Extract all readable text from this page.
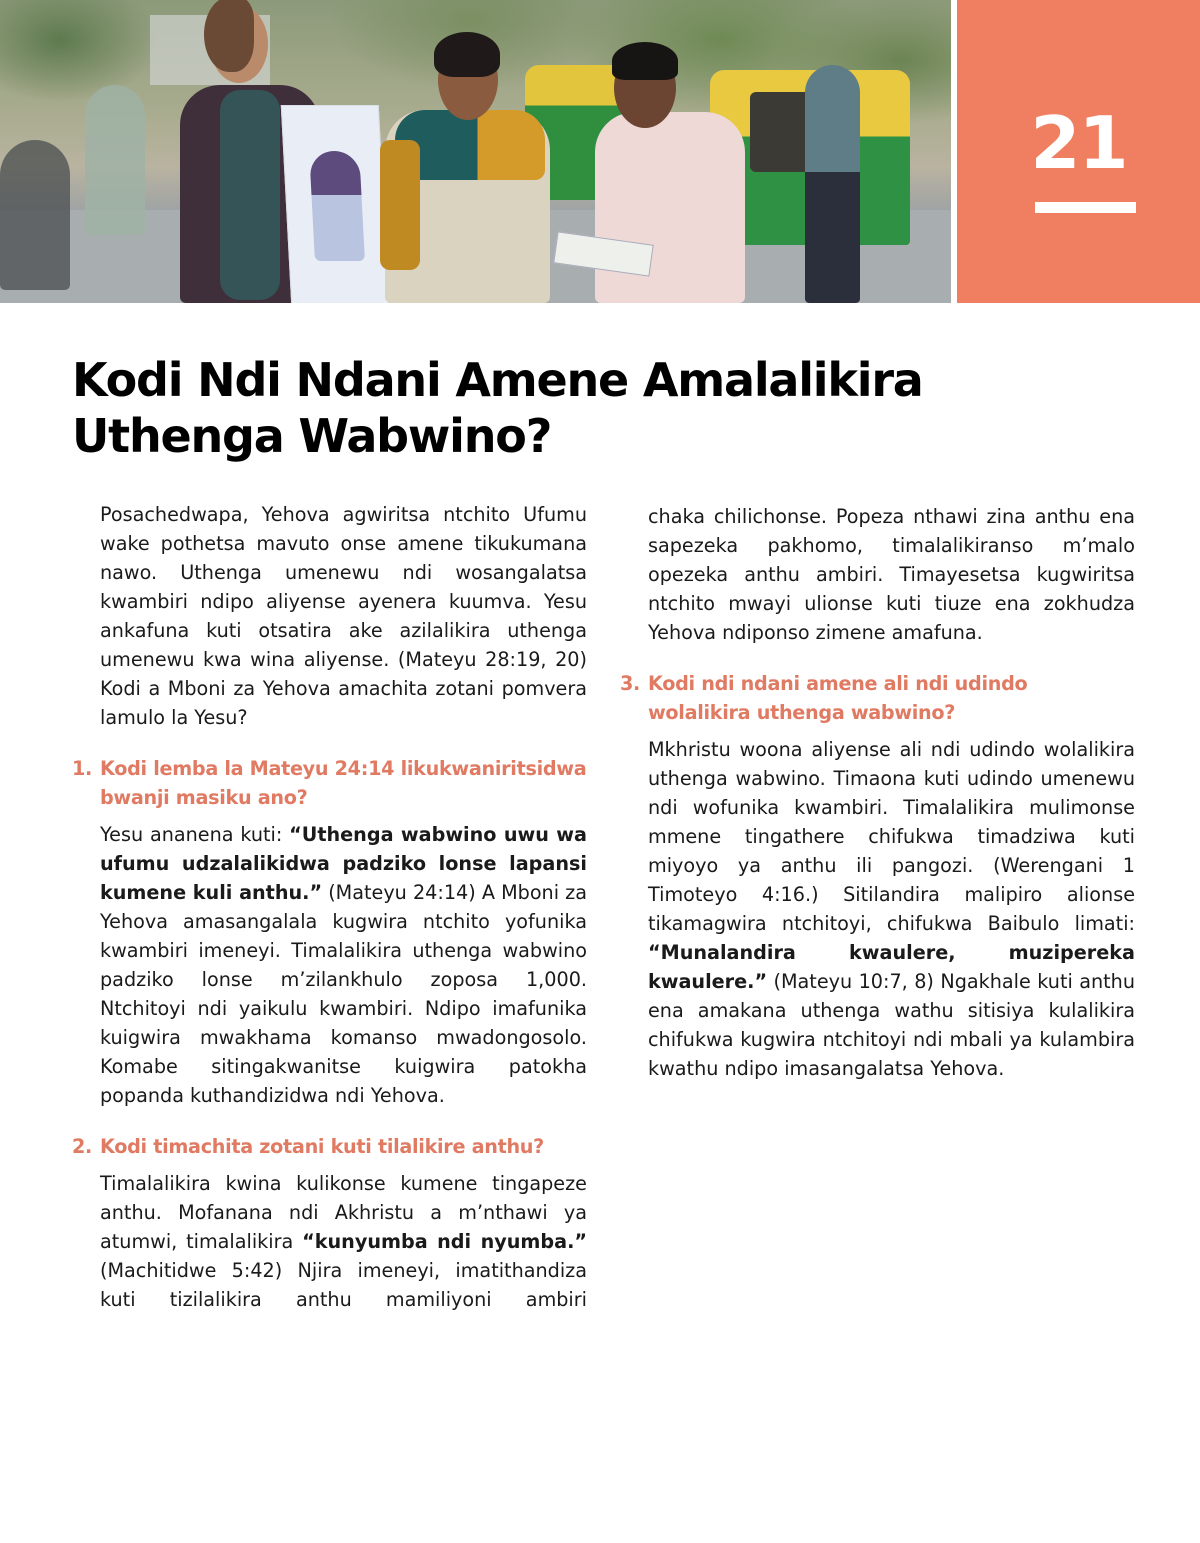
21
Kodi Ndi Ndani Amene Amalalikira Uthenga Wabwino?

Posachedwapa, Yehova agwiritsa ntchito Ufumu wake pothetsa mavuto onse amene tikukumana nawo. Uthenga umenewu ndi wosangalatsa kwambiri ndipo aliyense ayenera kuumva. Yesu ankafuna kuti otsatira ake azilalikira uthenga umenewu kwa wina aliyense. (Mateyu 28:19, 20) Kodi a Mboni za Yehova amachita zotani pomvera lamulo la Yesu?

1. Kodi lemba la Mateyu 24:14 likukwaniritsidwa bwanji masiku ano?

Yesu ananena kuti: “Uthenga wabwino uwu wa ufumu udzalalikidwa padziko lonse lapansi kumene kuli anthu.” (Mateyu 24:14) A Mboni za Yehova amasangalala kugwira ntchito yofunika kwambiri imeneyi. Timalalikira uthenga wabwino padziko lonse m’zilankhulo zoposa 1,000. Ntchitoyi ndi yaikulu kwambiri. Ndipo imafunika kuigwira mwakhama komanso mwadongosolo. Komabe sitingakwanitse kuigwira patokha popanda kuthandizidwa ndi Yehova.

2. Kodi timachita zotani kuti tilalikire anthu?

Timalalikira kwina kulikonse kumene tingapeze anthu. Mofanana ndi Akhristu a m’nthawi ya atumwi, timalalikira “kunyumba ndi nyumba.” (Machitidwe 5:42) Njira imeneyi, imatithandiza kuti tizilalikira anthu mamiliyoni ambiri

chaka chilichonse. Popeza nthawi zina anthu ena sapezeka pakhomo, timalalikiranso m’malo opezeka anthu ambiri. Timayesetsa kugwiritsa ntchito mwayi ulionse kuti tiuze ena zokhudza Yehova ndiponso zimene amafuna.

3. Kodi ndi ndani amene ali ndi udindo wolalikira uthenga wabwino?

Mkhristu woona aliyense ali ndi udindo wolalikira uthenga wabwino. Timaona kuti udindo umenewu ndi wofunika kwambiri. Timalalikira mulimonse mmene tingathere chifukwa timadziwa kuti miyoyo ya anthu ili pangozi. (Werengani 1 Timoteyo 4:16.) Sitilandira malipiro alionse tikamagwira ntchitoyi, chifukwa Baibulo limati: “Munalandira kwaulere, muzipereka kwaulere.” (Mateyu 10:7, 8) Ngakhale kuti anthu ena amakana uthenga wathu sitisiya kulalikira chifukwa kugwira ntchitoyi ndi mbali ya kulambira kwathu ndipo imasangalatsa Yehova.
